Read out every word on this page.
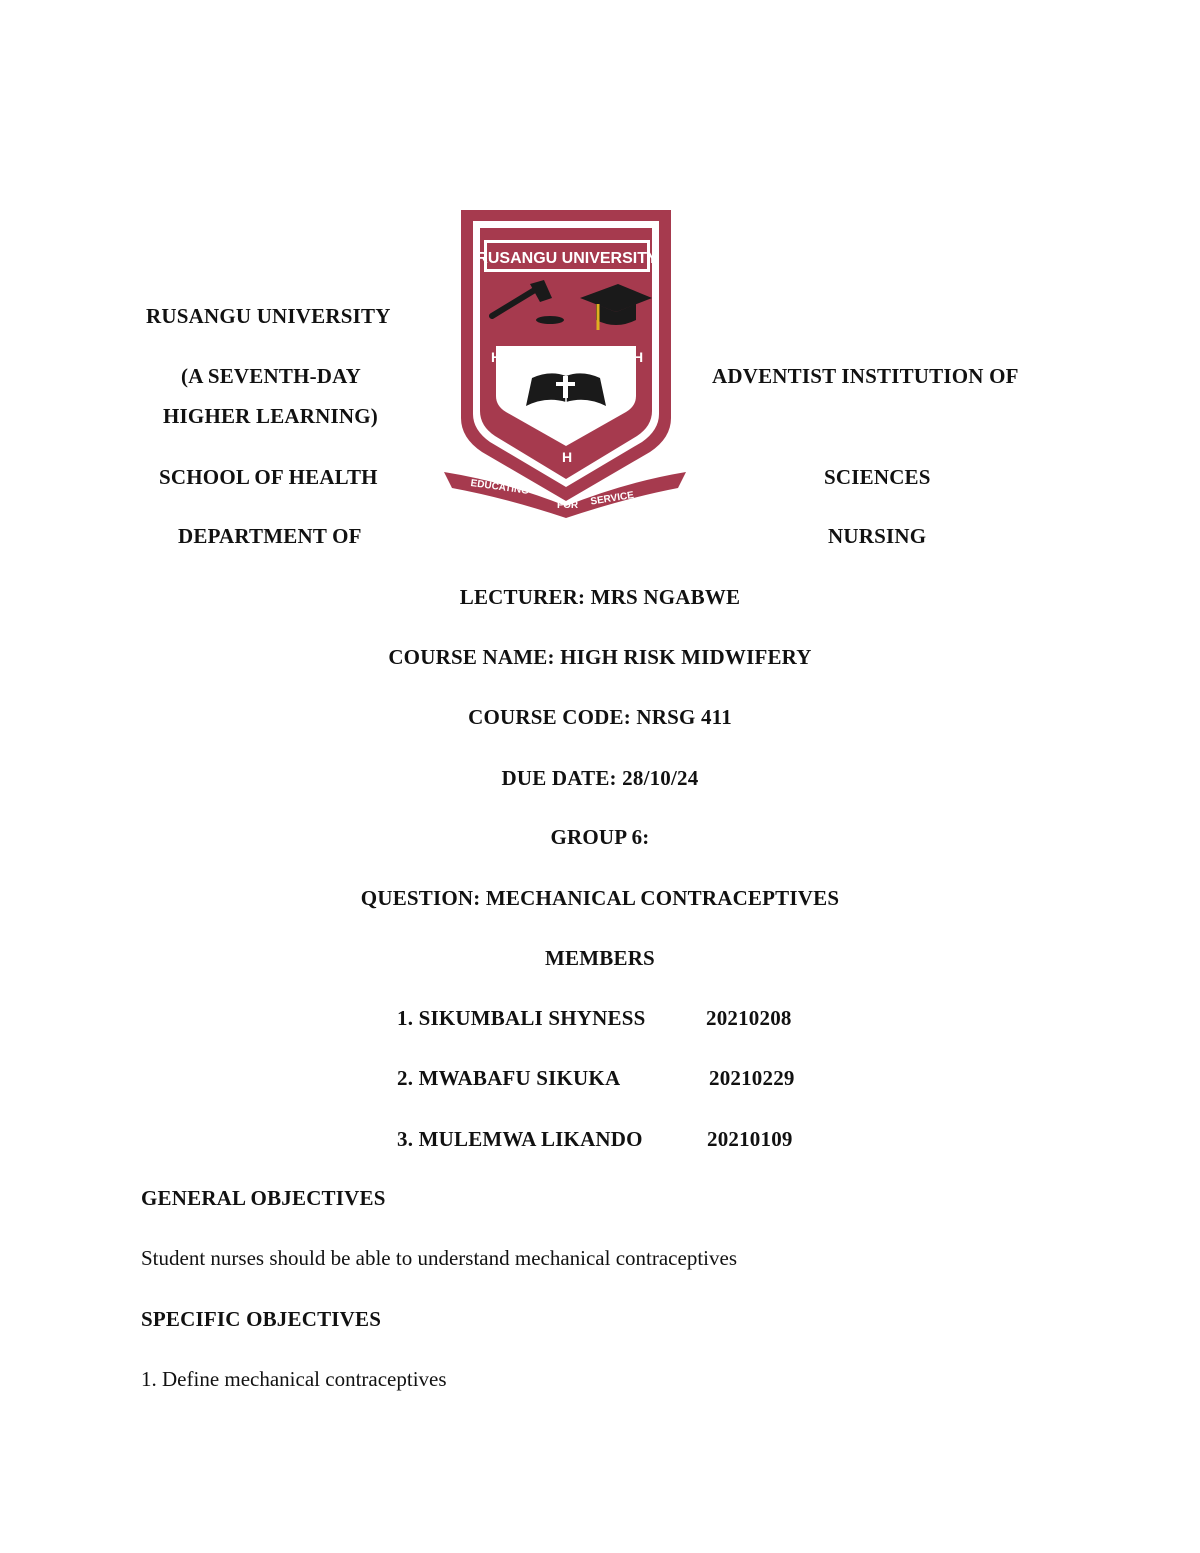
RUSANGU UNIVERSITY
(A SEVENTH-DAY	ADVENTIST INSTITUTION OF
HIGHER LEARNING)
SCHOOL OF HEALTH	SCIENCES
DEPARTMENT OF	NURSING
RUSANGU UNIVERSITY
H	H
H
EDUCATING
FOR SERVICE
LECTURER: MRS NGABWE
COURSE NAME: HIGH RISK MIDWIFERY
COURSE CODE: NRSG 411
DUE DATE: 28/10/24
GROUP 6:
QUESTION: MECHANICAL CONTRACEPTIVES
MEMBERS
1. SIKUMBALI SHYNESS	20210208
2. MWABAFU SIKUKA	20210229
3. MULEMWA LIKANDO	20210109
GENERAL OBJECTIVES
Student nurses should be able to understand mechanical contraceptives
SPECIFIC OBJECTIVES
1. Define mechanical contraceptives
